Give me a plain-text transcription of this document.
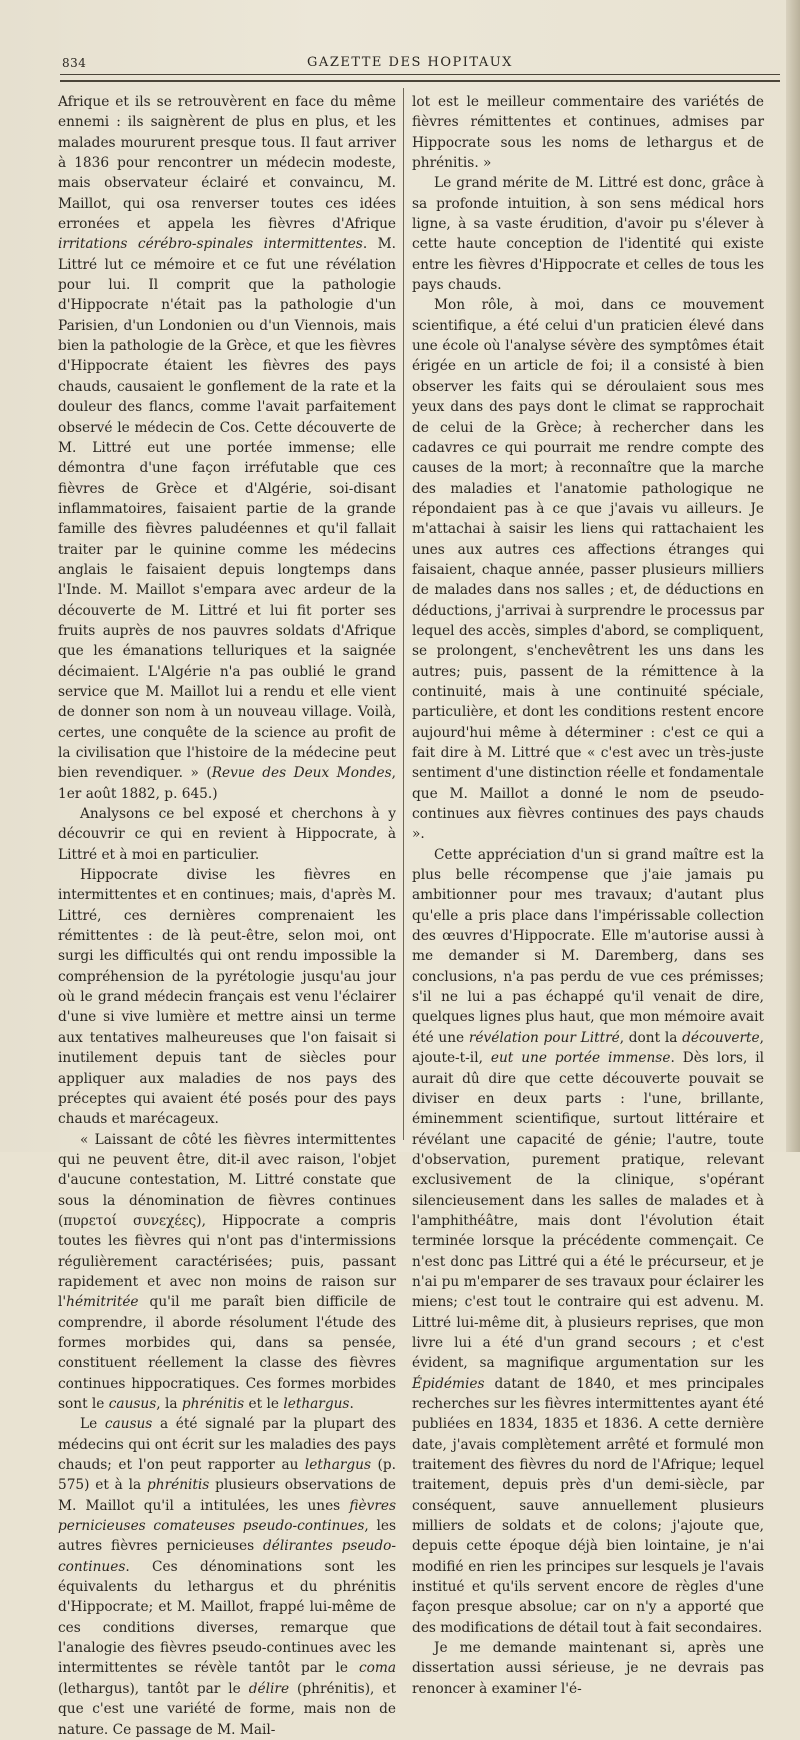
834	GAZETTE DES HOPITAUX

Afrique et ils se retrouvèrent en face du même ennemi : ils saignèrent de plus en plus, et les malades moururent presque tous. Il faut arriver à 1836 pour rencontrer un médecin modeste, mais observateur éclairé et convaincu, M. Maillot, qui osa renverser toutes ces idées erronées et appela les fièvres d'Afrique irritations cérébro-spinales intermittentes. M. Littré lut ce mémoire et ce fut une révélation pour lui. Il comprit que la pathologie d'Hippocrate n'était pas la pathologie d'un Parisien, d'un Londonien ou d'un Viennois, mais bien la pathologie de la Grèce, et que les fièvres d'Hippocrate étaient les fièvres des pays chauds, causaient le gonflement de la rate et la douleur des flancs, comme l'avait parfaitement observé le médecin de Cos. Cette découverte de M. Littré eut une portée immense; elle démontra d'une façon irréfutable que ces fièvres de Grèce et d'Algérie, soi-disant inflammatoires, faisaient partie de la grande famille des fièvres paludéennes et qu'il fallait traiter par le quinine comme les médecins anglais le faisaient depuis longtemps dans l'Inde. M. Maillot s'empara avec ardeur de la découverte de M. Littré et lui fit porter ses fruits auprès de nos pauvres soldats d'Afrique que les émanations telluriques et la saignée décimaient. L'Algérie n'a pas oublié le grand service que M. Maillot lui a rendu et elle vient de donner son nom à un nouveau village. Voilà, certes, une conquête de la science au profit de la civilisation que l'histoire de la médecine peut bien revendiquer. » (Revue des Deux Mondes, 1er août 1882, p. 645.)

Analysons ce bel exposé et cherchons à y découvrir ce qui en revient à Hippocrate, à Littré et à moi en particulier.

Hippocrate divise les fièvres en intermittentes et en continues; mais, d'après M. Littré, ces dernières comprenaient les rémittentes : de là peut-être, selon moi, ont surgi les difficultés qui ont rendu impossible la compréhension de la pyrétologie jusqu'au jour où le grand médecin français est venu l'éclairer d'une si vive lumière et mettre ainsi un terme aux tentatives malheureuses que l'on faisait si inutilement depuis tant de siècles pour appliquer aux maladies de nos pays des préceptes qui avaient été posés pour des pays chauds et marécageux.

« Laissant de côté les fièvres intermittentes qui ne peuvent être, dit-il avec raison, l'objet d'aucune contestation, M. Littré constate que sous la dénomination de fièvres continues (πυρετοί συνεχέες), Hippocrate a compris toutes les fièvres qui n'ont pas d'intermissions régulièrement caractérisées; puis, passant rapidement et avec non moins de raison sur l'hémitritée qu'il me paraît bien difficile de comprendre, il aborde résolument l'étude des formes morbides qui, dans sa pensée, constituent réellement la classe des fièvres continues hippocratiques. Ces formes morbides sont le causus, la phrénitis et le lethargus.

Le causus a été signalé par la plupart des médecins qui ont écrit sur les maladies des pays chauds; et l'on peut rapporter au lethargus (p. 575) et à la phrénitis plusieurs observations de M. Maillot qu'il a intitulées, les unes fièvres pernicieuses comateuses pseudo-continues, les autres fièvres pernicieuses délirantes pseudo-continues. Ces dénominations sont les équivalents du lethargus et du phrénitis d'Hippocrate; et M. Maillot, frappé lui-même de ces conditions diverses, remarque que l'analogie des fièvres pseudo-continues avec les intermittentes se révèle tantôt par le coma (lethargus), tantôt par le délire (phrénitis), et que c'est une variété de forme, mais non de nature. Ce passage de M. Mail-

lot est le meilleur commentaire des variétés de fièvres rémittentes et continues, admises par Hippocrate sous les noms de lethargus et de phrénitis. »

Le grand mérite de M. Littré est donc, grâce à sa profonde intuition, à son sens médical hors ligne, à sa vaste érudition, d'avoir pu s'élever à cette haute conception de l'identité qui existe entre les fièvres d'Hippocrate et celles de tous les pays chauds.

Mon rôle, à moi, dans ce mouvement scientifique, a été celui d'un praticien élevé dans une école où l'analyse sévère des symptômes était érigée en un article de foi; il a consisté à bien observer les faits qui se déroulaient sous mes yeux dans des pays dont le climat se rapprochait de celui de la Grèce; à rechercher dans les cadavres ce qui pourrait me rendre compte des causes de la mort; à reconnaître que la marche des maladies et l'anatomie pathologique ne répondaient pas à ce que j'avais vu ailleurs. Je m'attachai à saisir les liens qui rattachaient les unes aux autres ces affections étranges qui faisaient, chaque année, passer plusieurs milliers de malades dans nos salles ; et, de déductions en déductions, j'arrivai à surprendre le processus par lequel des accès, simples d'abord, se compliquent, se prolongent, s'enchevêtrent les uns dans les autres; puis, passent de la rémittence à la continuité, mais à une continuité spéciale, particulière, et dont les conditions restent encore aujourd'hui même à déterminer : c'est ce qui a fait dire à M. Littré que « c'est avec un très-juste sentiment d'une distinction réelle et fondamentale que M. Maillot a donné le nom de pseudo-continues aux fièvres continues des pays chauds ».

Cette appréciation d'un si grand maître est la plus belle récompense que j'aie jamais pu ambitionner pour mes travaux; d'autant plus qu'elle a pris place dans l'impérissable collection des œuvres d'Hippocrate. Elle m'autorise aussi à me demander si M. Daremberg, dans ses conclusions, n'a pas perdu de vue ces prémisses; s'il ne lui a pas échappé qu'il venait de dire, quelques lignes plus haut, que mon mémoire avait été une révélation pour Littré, dont la découverte, ajoute-t-il, eut une portée immense. Dès lors, il aurait dû dire que cette découverte pouvait se diviser en deux parts : l'une, brillante, éminemment scientifique, surtout littéraire et révélant une capacité de génie; l'autre, toute d'observation, purement pratique, relevant exclusivement de la clinique, s'opérant silencieusement dans les salles de malades et à l'amphithéâtre, mais dont l'évolution était terminée lorsque la précédente commençait. Ce n'est donc pas Littré qui a été le précurseur, et je n'ai pu m'emparer de ses travaux pour éclairer les miens; c'est tout le contraire qui est advenu. M. Littré lui-même dit, à plusieurs reprises, que mon livre lui a été d'un grand secours ; et c'est évident, sa magnifique argumentation sur les Épidémies datant de 1840, et mes principales recherches sur les fièvres intermittentes ayant été publiées en 1834, 1835 et 1836. A cette dernière date, j'avais complètement arrêté et formulé mon traitement des fièvres du nord de l'Afrique; lequel traitement, depuis près d'un demi-siècle, par conséquent, sauve annuellement plusieurs milliers de soldats et de colons; j'ajoute que, depuis cette époque déjà bien lointaine, je n'ai modifié en rien les principes sur lesquels je l'avais institué et qu'ils servent encore de règles d'une façon presque absolue; car on n'y a apporté que des modifications de détail tout à fait secondaires.

Je me demande maintenant si, après une dissertation aussi sérieuse, je ne devrais pas renoncer à examiner l'é-
